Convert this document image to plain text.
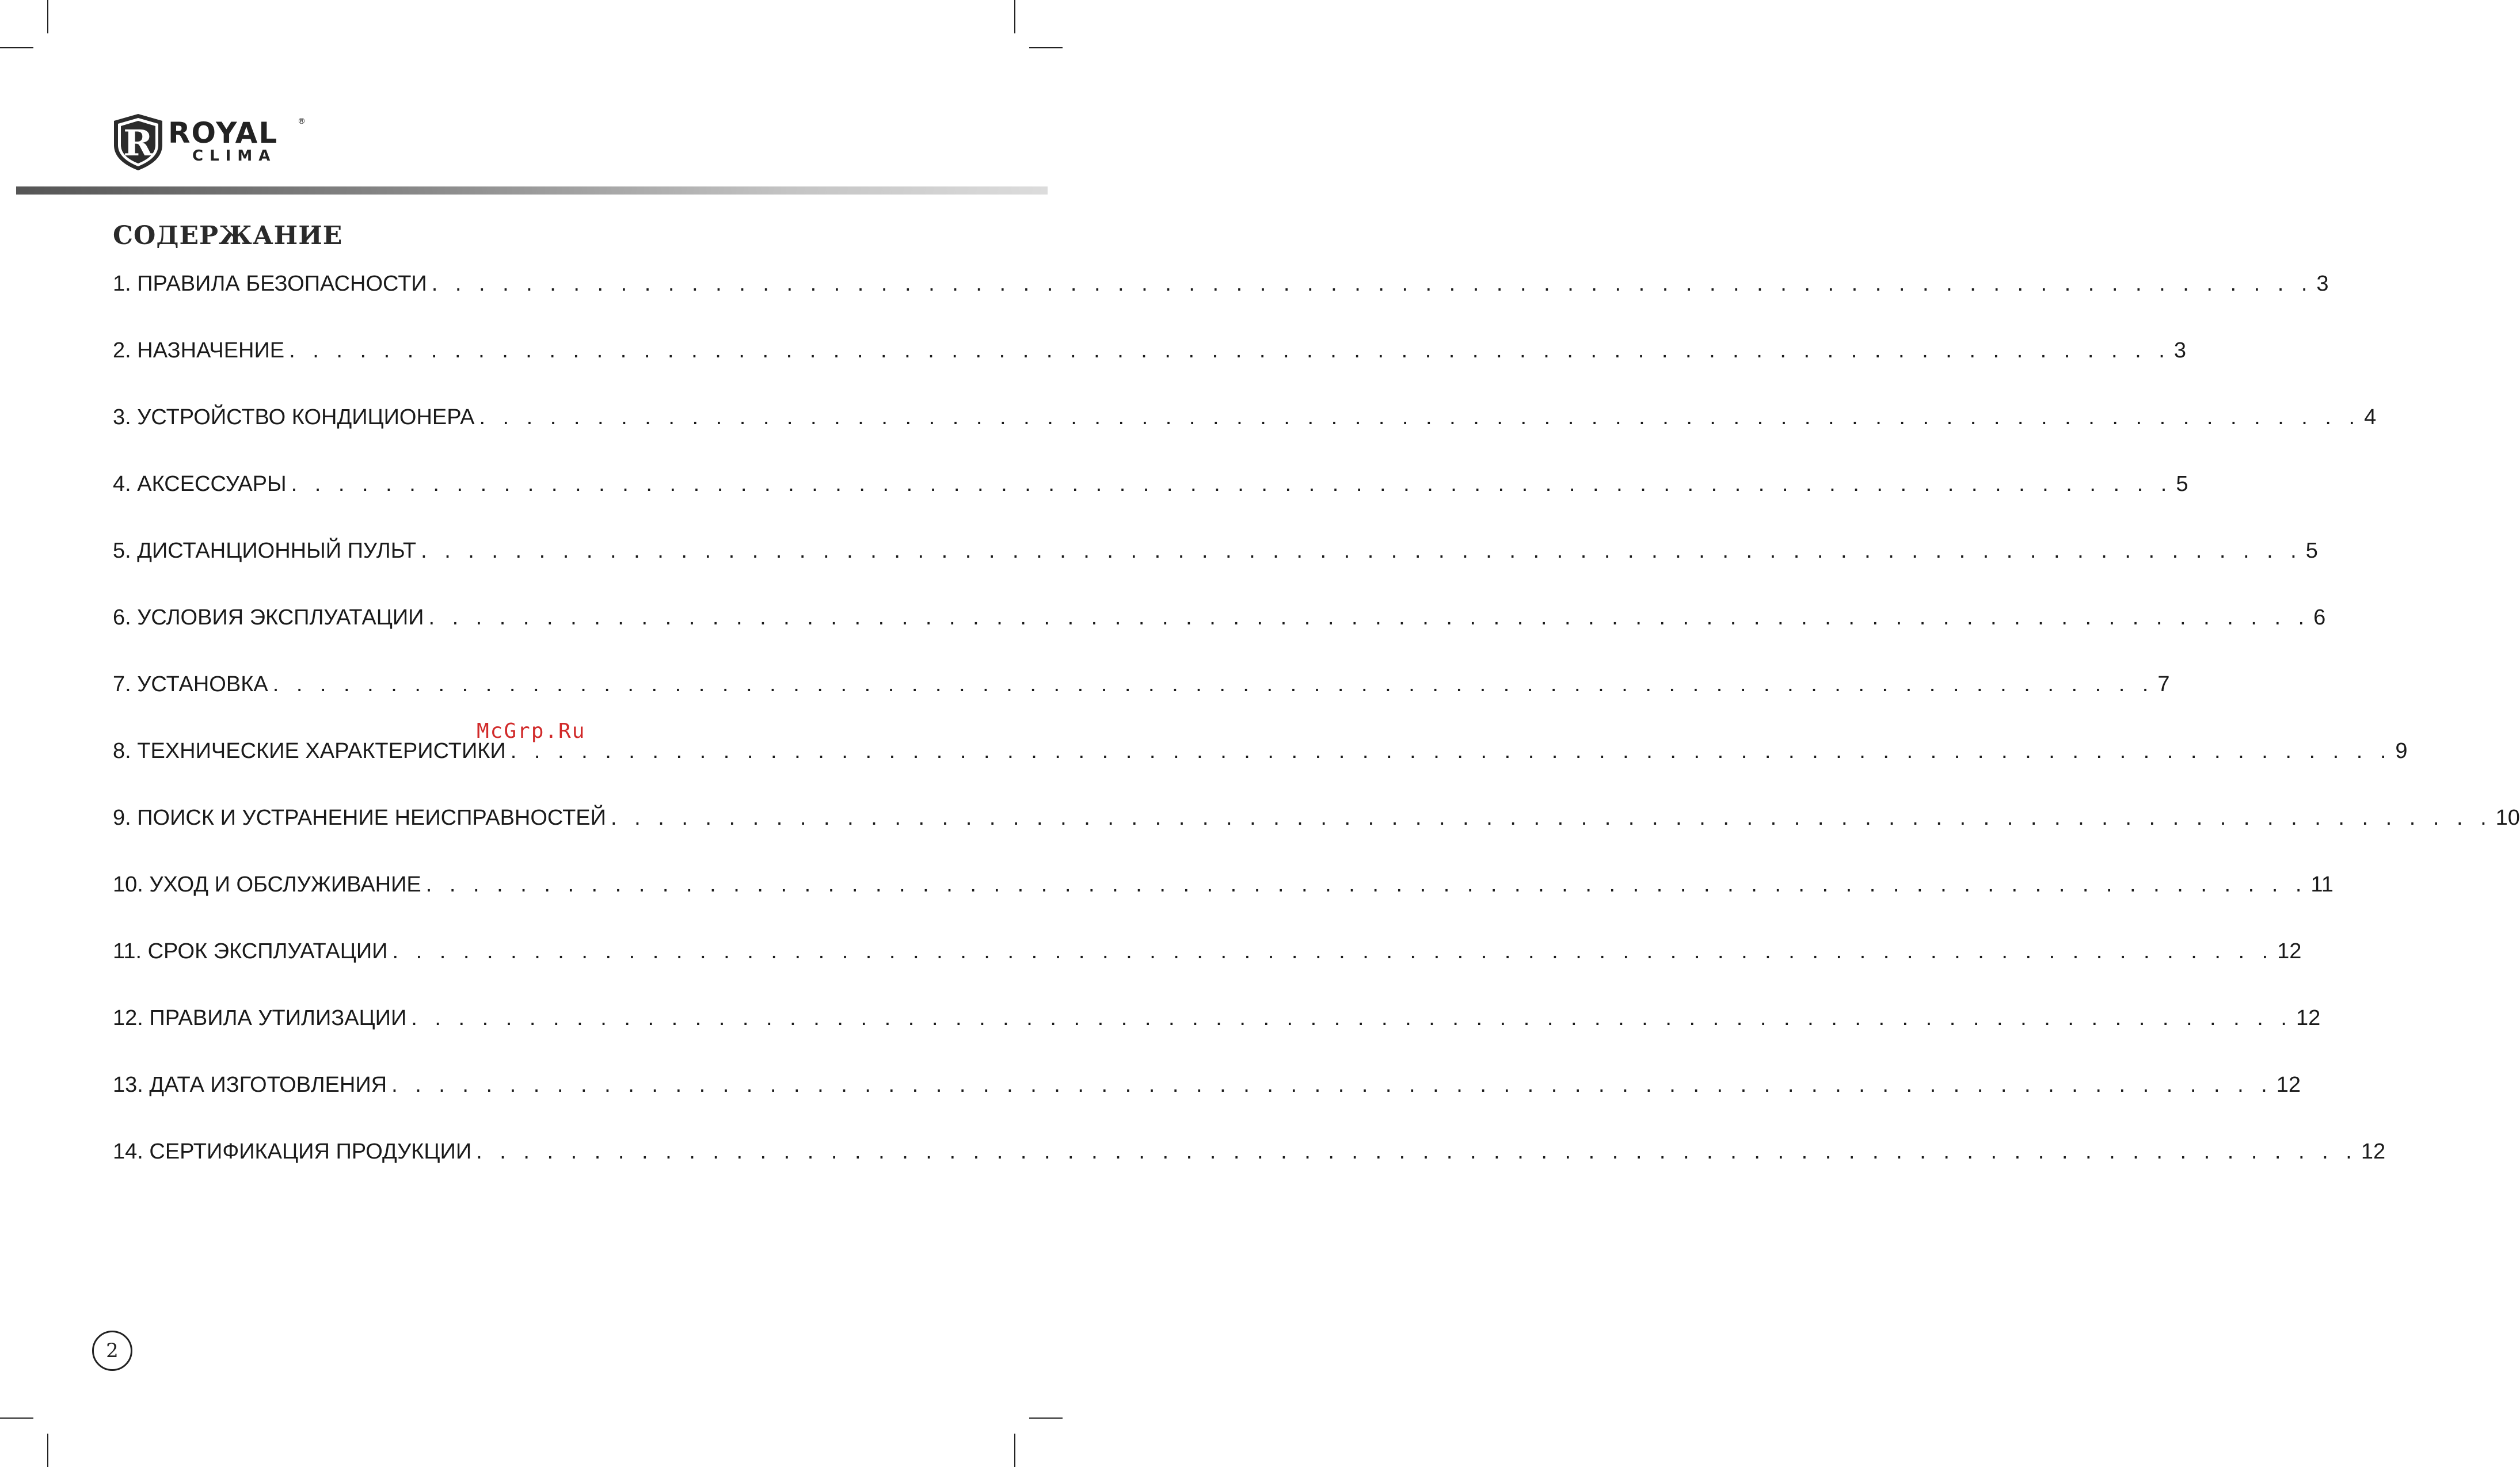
R ROYAL ®
CLIMA
СОДЕРЖАНИЕ
1. ПРАВИЛА БЕЗОПАСНОСТИ . . . . . . . . . . . . . . . . . . . . . . . . . . . . . . . . . . . . . . . . . . . . . . . . . . . . . . . . . . . . . . . . . . . . . . . . . . . . . . . . 3
2. НАЗНАЧЕНИЕ . . . . . . . . . . . . . . . . . . . . . . . . . . . . . . . . . . . . . . . . . . . . . . . . . . . . . . . . . . . . . . . . . . . . . . . . . . . . . . . . 3
3. УСТРОЙСТВО КОНДИЦИОНЕРА . . . . . . . . . . . . . . . . . . . . . . . . . . . . . . . . . . . . . . . . . . . . . . . . . . . . . . . . . . . . . . . . . . . . . . . . . . . . . . . . 4
4. АКСЕССУАРЫ . . . . . . . . . . . . . . . . . . . . . . . . . . . . . . . . . . . . . . . . . . . . . . . . . . . . . . . . . . . . . . . . . . . . . . . . . . . . . . . . 5
5. ДИСТАНЦИОННЫЙ ПУЛЬТ . . . . . . . . . . . . . . . . . . . . . . . . . . . . . . . . . . . . . . . . . . . . . . . . . . . . . . . . . . . . . . . . . . . . . . . . . . . . . . . . 5
6. УСЛОВИЯ ЭКСПЛУАТАЦИИ . . . . . . . . . . . . . . . . . . . . . . . . . . . . . . . . . . . . . . . . . . . . . . . . . . . . . . . . . . . . . . . . . . . . . . . . . . . . . . . . 6
7. УСТАНОВКА . . . . . . . . . . . . . . . . . . . . . . . . . . . . . . . . . . . . . . . . . . . . . . . . . . . . . . . . . . . . . . . . . . . . . . . . . . . . . . . . 7
8. ТЕХНИЧЕСКИЕ ХАРАКТЕРИСТИКИ . . . . . . . . . . . . . . . . . . . . . . . . . . . . . . . . . . . . . . . . . . . . . . . . . . . . . . . . . . . . . . . . . . . . . . . . . . . . . . . . 9
9. ПОИСК И УСТРАНЕНИЕ НЕИСПРАВНОСТЕЙ . . . . . . . . . . . . . . . . . . . . . . . . . . . . . . . . . . . . . . . . . . . . . . . . . . . . . . . . . . . . . . . . . . . . . . . . . . . . . . . . 10
10. УХОД И ОБСЛУЖИВАНИЕ . . . . . . . . . . . . . . . . . . . . . . . . . . . . . . . . . . . . . . . . . . . . . . . . . . . . . . . . . . . . . . . . . . . . . . . . . . . . . . . . 11
11. СРОК ЭКСПЛУАТАЦИИ . . . . . . . . . . . . . . . . . . . . . . . . . . . . . . . . . . . . . . . . . . . . . . . . . . . . . . . . . . . . . . . . . . . . . . . . . . . . . . . . 12
12. ПРАВИЛА УТИЛИЗАЦИИ . . . . . . . . . . . . . . . . . . . . . . . . . . . . . . . . . . . . . . . . . . . . . . . . . . . . . . . . . . . . . . . . . . . . . . . . . . . . . . . . 12
13. ДАТА ИЗГОТОВЛЕНИЯ . . . . . . . . . . . . . . . . . . . . . . . . . . . . . . . . . . . . . . . . . . . . . . . . . . . . . . . . . . . . . . . . . . . . . . . . . . . . . . . . 12
14. СЕРТИФИКАЦИЯ ПРОДУКЦИИ . . . . . . . . . . . . . . . . . . . . . . . . . . . . . . . . . . . . . . . . . . . . . . . . . . . . . . . . . . . . . . . . . . . . . . . . . . . . . . . . 12
McGrp.Ru
2
